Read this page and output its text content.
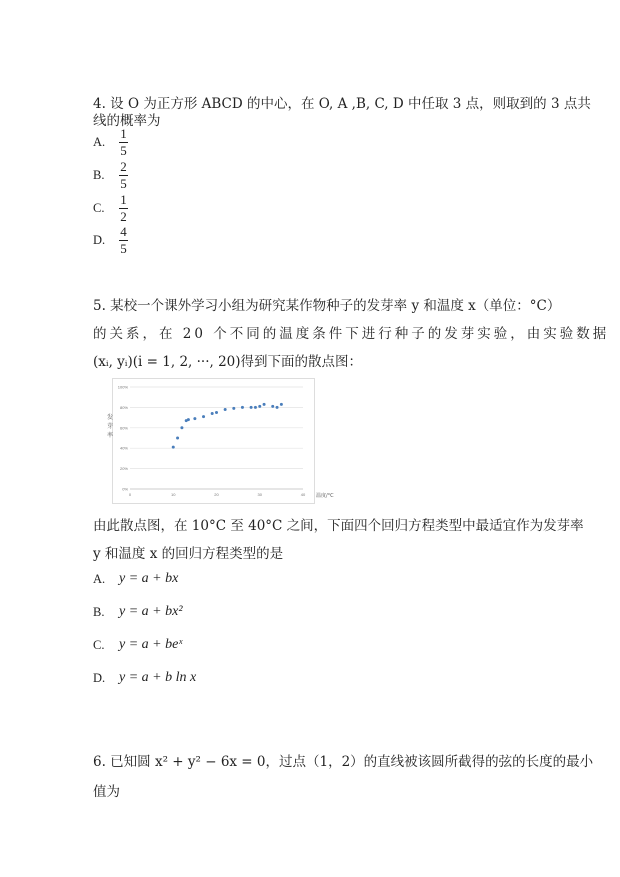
4. 设 O 为正方形 ABCD 的中心，在 O, A ,B, C, D 中任取 3 点，则取到的 3 点共
线的概率为
A.	$\frac{1}{5}$
B.	$\frac{2}{5}$
C.	$\frac{1}{2}$
D.	$\frac{4}{5}$
5. 某校一个课外学习小组为研究某作物种子的发芽率 y 和温度 x（单位：°C）
的关系，在 20 个不同的温度条件下进行种子的发芽实验，由实验数据
(xᵢ, yᵢ)(i = 1, 2, ···, 20)得到下面的散点图：
0%
20%
40%
60%
80%
100%
0	10	20	30	40 温度/°C
发
芽
率
由此散点图，在 10°C 至 40°C 之间，下面四个回归方程类型中最适宜作为发芽率
y 和温度 x 的回归方程类型的是
A. y = a + bx
B.	y = a + bx²
C.	y = a + beˣ
D. y = a + b ln x
6. 已知圆 x² + y² − 6x = 0，过点（1，2）的直线被该圆所截得的弦的长度的最小
值为
